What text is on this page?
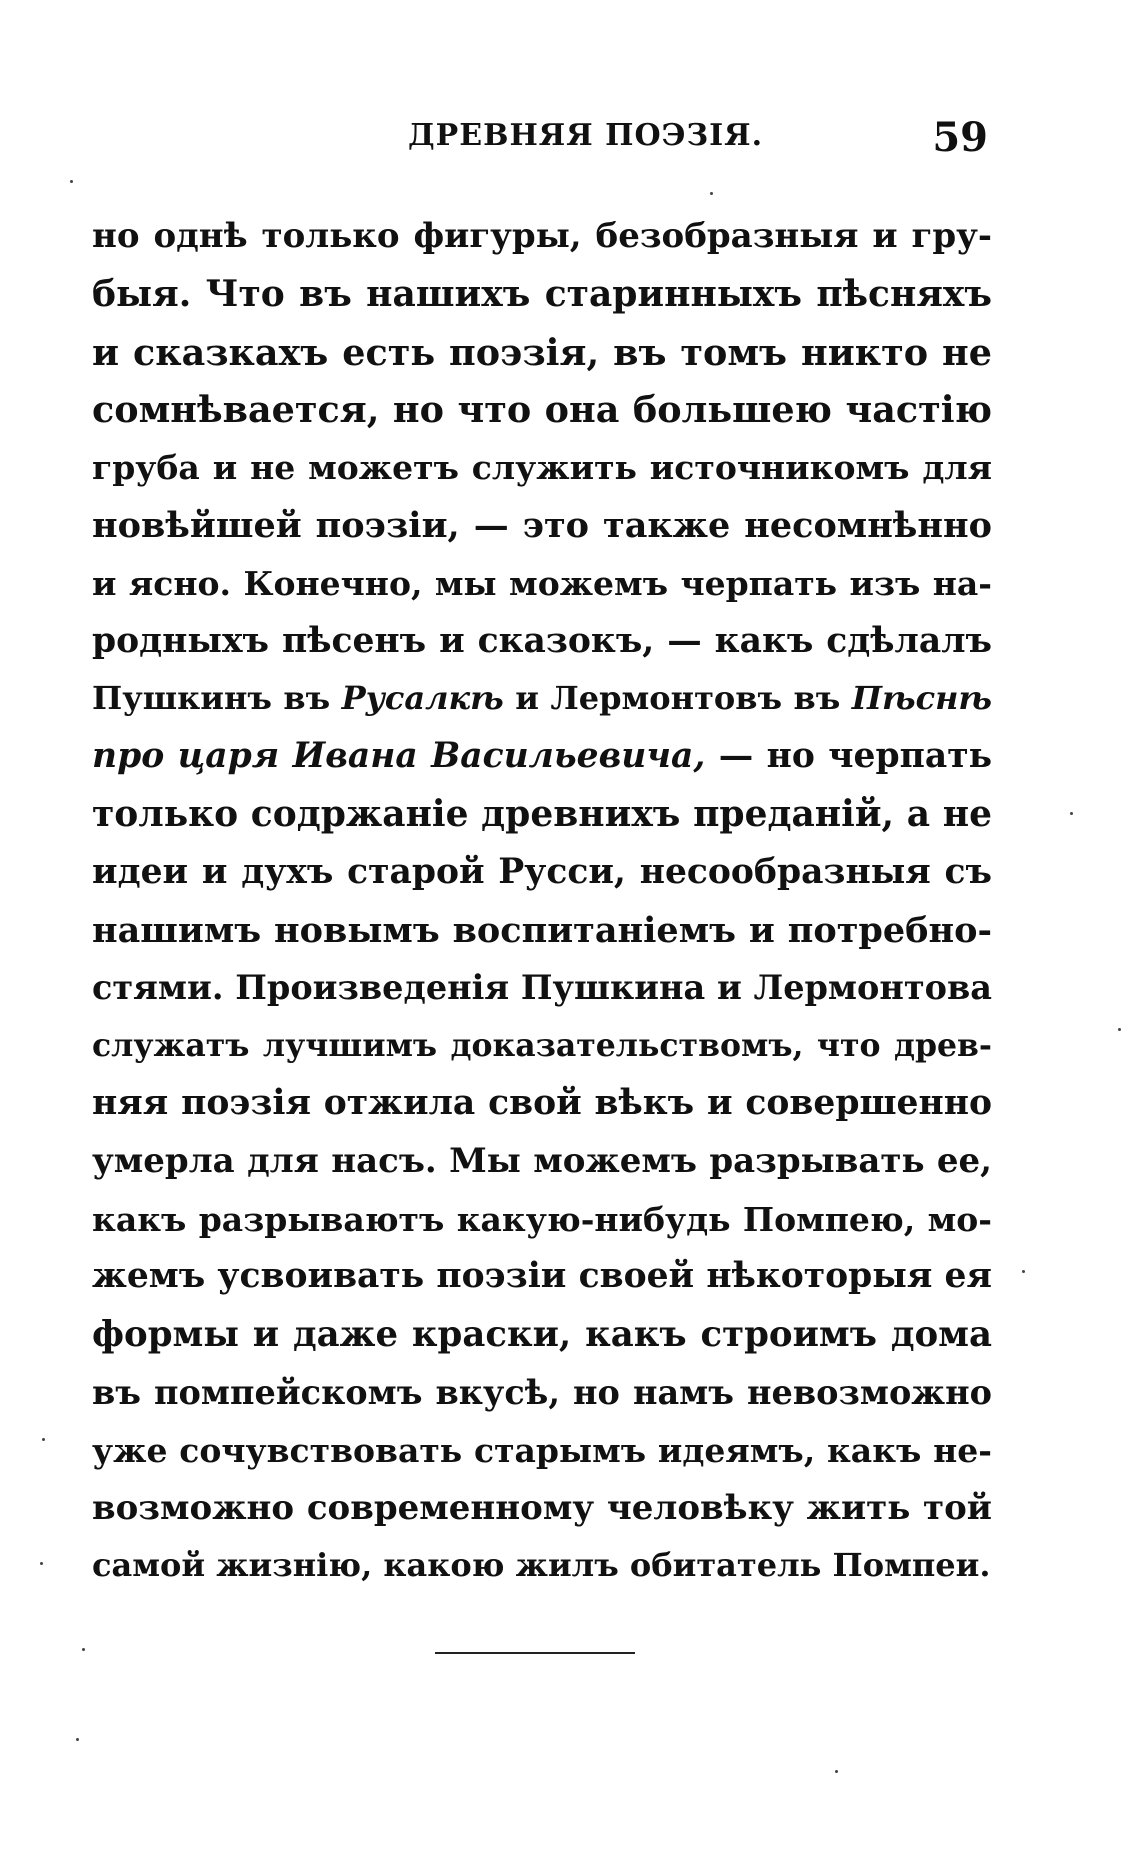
ДРЕВНЯЯ ПОЭЗІЯ.	59
но однѣ только фигуры, безобразныя и гру-
быя. Что въ нашихъ старинныхъ пѣсняхъ
и сказкахъ есть поэзія, въ томъ никто не
сомнѣвается, но что она большею частію
груба и не можетъ служить источникомъ для
новѣйшей поэзіи, — это также несомнѣнно
и ясно. Конечно, мы можемъ черпать изъ на-
родныхъ пѣсенъ и сказокъ, — какъ сдѣлалъ
Пушкинъ въ Русалкѣ и Лермонтовъ въ Пѣснѣ
про царя Ивана Васильевича, — но черпать
только содржаніе древнихъ преданій, а не
идеи и духъ старой Русси, несообразныя съ
нашимъ новымъ воспитаніемъ и потребно-
стями. Произведенія Пушкина и Лермонтова
служатъ лучшимъ доказательствомъ, что древ-
няя поэзія отжила свой вѣкъ и совершенно
умерла для насъ. Мы можемъ разрывать ее,
какъ разрываютъ какую-нибудь Помпею, мо-
жемъ усвоивать поэзіи своей нѣкоторыя ея
формы и даже краски, какъ строимъ дома
въ помпейскомъ вкусѣ, но намъ невозможно
уже сочувствовать старымъ идеямъ, какъ не-
возможно современному человѣку жить той
самой жизнію, какою жилъ обитатель Помпеи.
